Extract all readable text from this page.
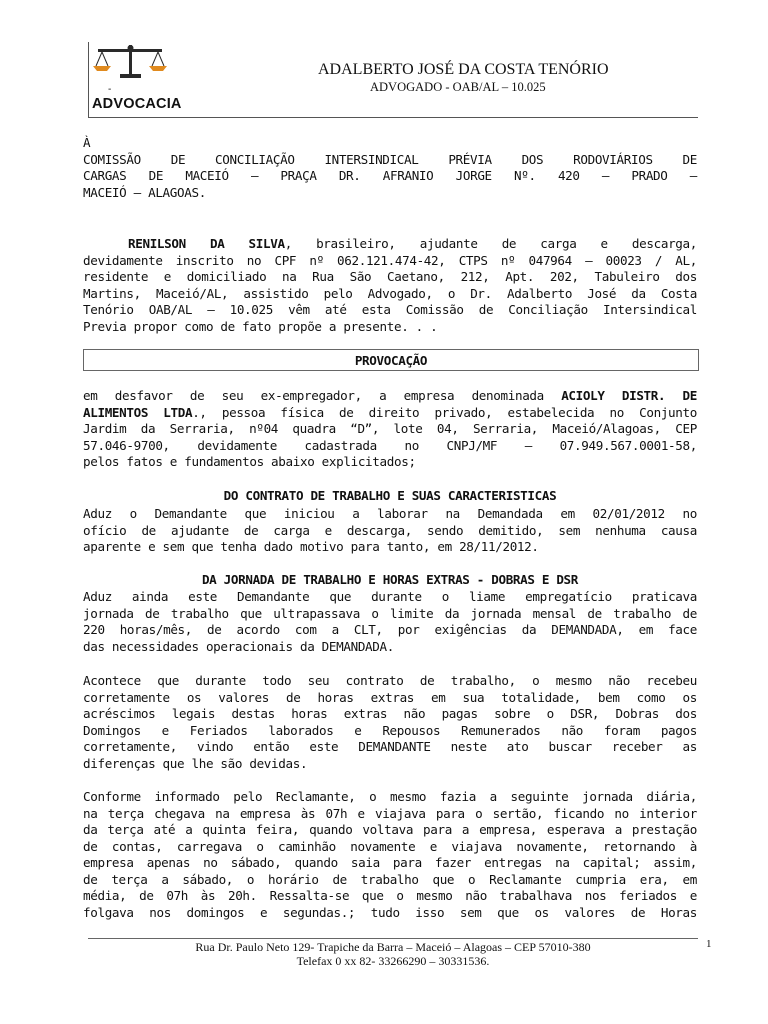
-
ADVOCACIA
ADALBERTO JOSÉ DA COSTA TENÓRIO
ADVOGADO - OAB/AL – 10.025
À
COMISSÃO DE CONCILIAÇÃO INTERSINDICAL PRÉVIA DOS RODOVIÁRIOS DE
CARGAS DE MACEIÓ – PRAÇA DR. AFRANIO JORGE Nº. 420 – PRADO –
MACEIÓ – ALAGOAS.
RENILSON DA SILVA, brasileiro, ajudante de carga e descarga,
devidamente inscrito no CPF nº 062.121.474-42, CTPS nº 047964 – 00023 / AL,
residente e domiciliado na Rua São Caetano, 212, Apt. 202, Tabuleiro dos
Martins, Maceió/AL, assistido pelo Advogado, o Dr. Adalberto José da Costa
Tenório OAB/AL – 10.025 vêm até esta Comissão de Conciliação Intersindical
Previa propor como de fato propõe a presente. . .
PROVOCAÇÃO
em desfavor de seu ex-empregador, a empresa denominada ACIOLY DISTR. DE
ALIMENTOS LTDA., pessoa física de direito privado, estabelecida no Conjunto
Jardim da Serraria, nº04 quadra “D”, lote 04, Serraria, Maceió/Alagoas, CEP
57.046-9700, devidamente cadastrada no CNPJ/MF – 07.949.567.0001-58,
pelos fatos e fundamentos abaixo explicitados;
DO CONTRATO DE TRABALHO E SUAS CARACTERISTICAS
Aduz o Demandante que iniciou a laborar na Demandada em 02/01/2012 no
ofício de ajudante de carga e descarga, sendo demitido, sem nenhuma causa
aparente e sem que tenha dado motivo para tanto, em 28/11/2012.
DA JORNADA DE TRABALHO E HORAS EXTRAS - DOBRAS E DSR
Aduz ainda este Demandante que durante o liame empregatício praticava
jornada de trabalho que ultrapassava o limite da jornada mensal de trabalho de
220 horas/mês, de acordo com a CLT, por exigências da DEMANDADA, em face
das necessidades operacionais da DEMANDADA.
Acontece que durante todo seu contrato de trabalho, o mesmo não recebeu
corretamente os valores de horas extras em sua totalidade, bem como os
acréscimos legais destas horas extras não pagas sobre o DSR, Dobras dos
Domingos e Feriados laborados e Repousos Remunerados não foram pagos
corretamente, vindo então este DEMANDANTE neste ato buscar receber as
diferenças que lhe são devidas.
Conforme informado pelo Reclamante, o mesmo fazia a seguinte jornada diária,
na terça chegava na empresa às 07h e viajava para o sertão, ficando no interior
da terça até a quinta feira, quando voltava para a empresa, esperava a prestação
de contas, carregava o caminhão novamente e viajava novamente, retornando à
empresa apenas no sábado, quando saia para fazer entregas na capital; assim,
de terça a sábado, o horário de trabalho que o Reclamante cumpria era, em
média, de 07h às 20h. Ressalta-se que o mesmo não trabalhava nos feriados e
folgava nos domingos e segundas.; tudo isso sem que os valores de Horas
Rua Dr. Paulo Neto 129- Trapiche da Barra – Maceió – Alagoas – CEP 57010-380
Telefax 0 xx 82- 33266290 – 30331536.
1
